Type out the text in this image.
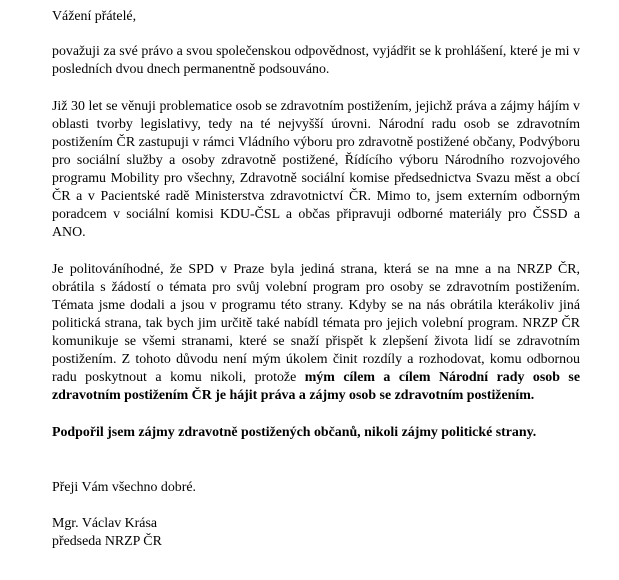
Vážení přátelé,

považuji za své právo a svou společenskou odpovědnost, vyjádřit se k prohlášení, které je mi v posledních dvou dnech permanentně podsouváno.

Již 30 let se věnuji problematice osob se zdravotním postižením, jejichž práva a zájmy hájím v oblasti tvorby legislativy, tedy na té nejvyšší úrovni. Národní radu osob se zdravotním postižením ČR zastupuji v rámci Vládního výboru pro zdravotně postižené občany, Podvýboru pro sociální služby a osoby zdravotně postižené, Řídícího výboru Národního rozvojového programu Mobility pro všechny, Zdravotně sociální komise předsednictva Svazu měst a obcí ČR a v Pacientské radě Ministerstva zdravotnictví ČR. Mimo to, jsem externím odborným poradcem v sociální komisi KDU-ČSL a občas připravuji odborné materiály pro ČSSD a ANO.

Je politováníhodné, že SPD v Praze byla jediná strana, která se na mne a na NRZP ČR, obrátila s žádostí o témata pro svůj volební program pro osoby se zdravotním postižením. Témata jsme dodali a jsou v programu této strany. Kdyby se na nás obrátila kterákoliv jiná politická strana, tak bych jim určitě také nabídl témata pro jejich volební program. NRZP ČR komunikuje se všemi stranami, které se snaží přispět k zlepšení života lidí se zdravotním postižením. Z tohoto důvodu není mým úkolem činit rozdíly a rozhodovat, komu odbornou radu poskytnout a komu nikoli, protože mým cílem a cílem Národní rady osob se zdravotním postižením ČR je hájit práva a zájmy osob se zdravotním postižením.

Podpořil jsem zájmy zdravotně postižených občanů, nikoli zájmy politické strany.

Přeji Vám všechno dobré.

Mgr. Václav Krása

předseda NRZP ČR
